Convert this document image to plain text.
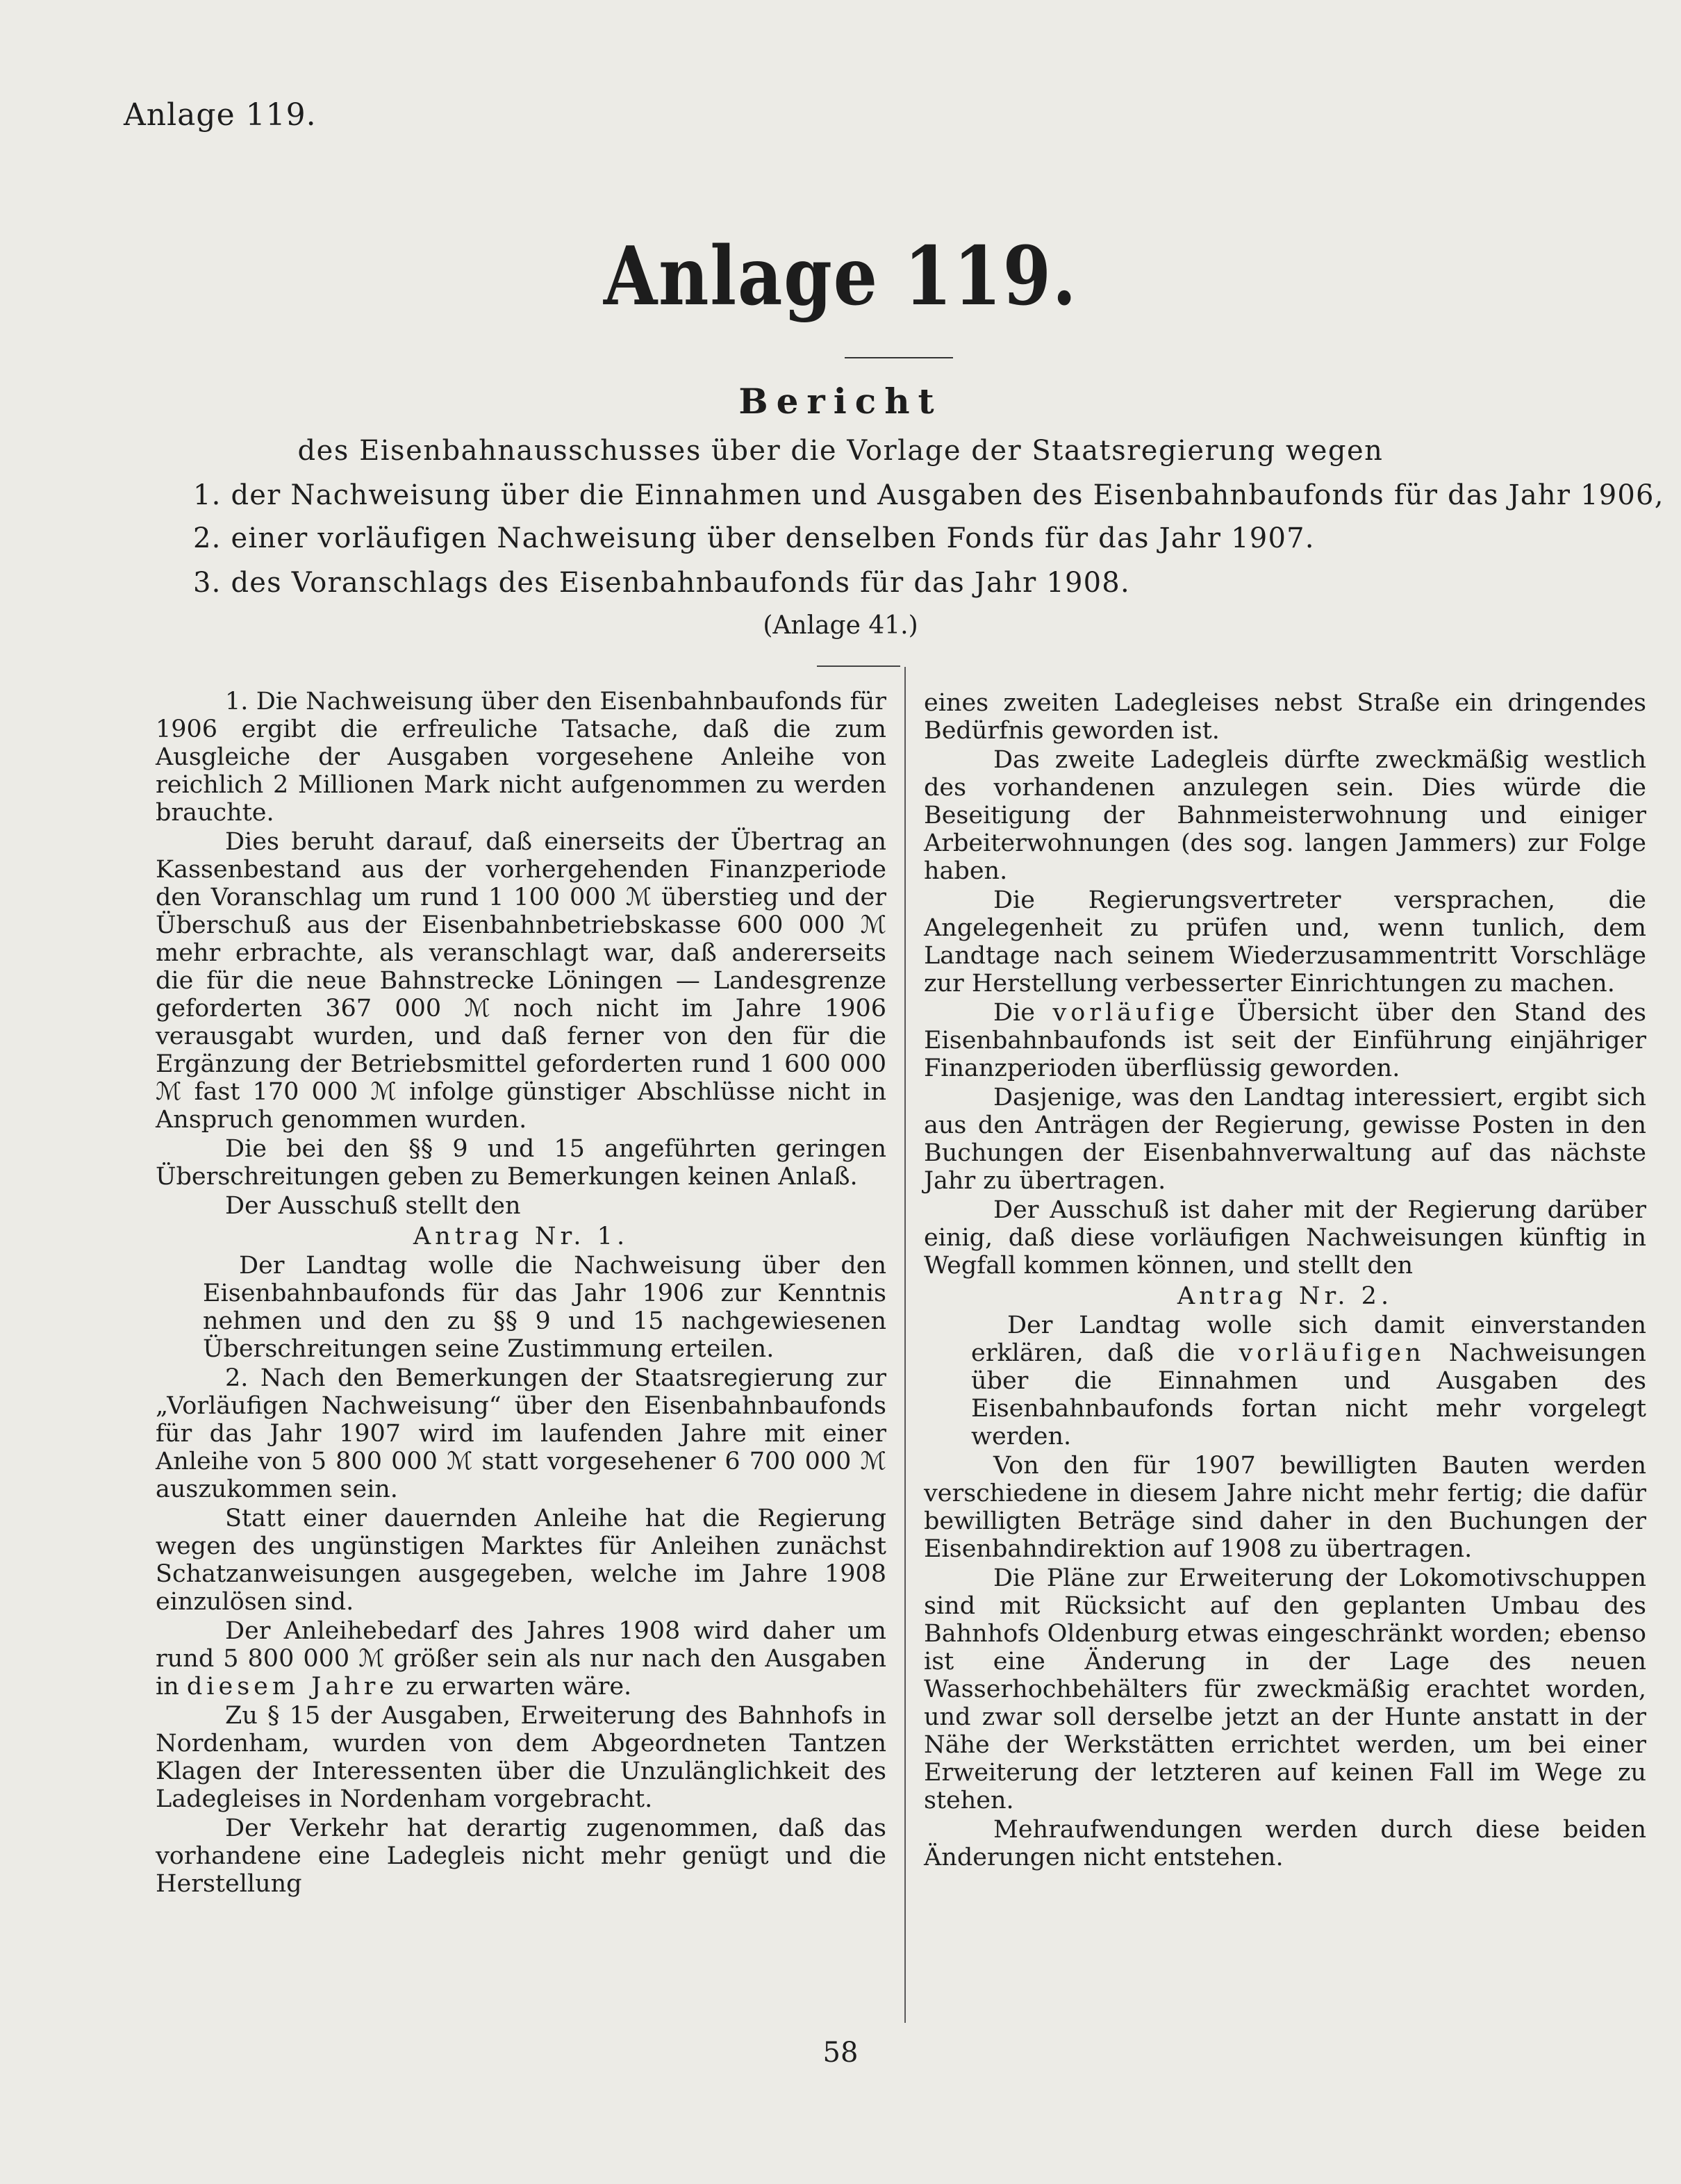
Anlage 119.
Anlage 119.
Bericht
des Eisenbahnausschusses über die Vorlage der Staatsregierung wegen
1. der Nachweisung über die Einnahmen und Ausgaben des Eisenbahnbaufonds für das Jahr 1906,
2. einer vorläufigen Nachweisung über denselben Fonds für das Jahr 1907.
3. des Voranschlags des Eisenbahnbaufonds für das Jahr 1908.
(Anlage 41.)

1. Die Nachweisung über den Eisenbahnbaufonds für 1906 ergibt die erfreuliche Tatsache, daß die zum Ausgleiche der Ausgaben vorgesehene Anleihe von reichlich 2 Millionen Mark nicht aufgenommen zu werden brauchte.

Dies beruht darauf, daß einerseits der Übertrag an Kassenbestand aus der vorhergehenden Finanzperiode den Voranschlag um rund 1 100 000 ℳ überstieg und der Überschuß aus der Eisenbahnbetriebskasse 600 000 ℳ mehr erbrachte, als veranschlagt war, daß andererseits die für die neue Bahnstrecke Löningen — Landesgrenze geforderten 367 000 ℳ noch nicht im Jahre 1906 verausgabt wurden, und daß ferner von den für die Ergänzung der Betriebsmittel geforderten rund 1 600 000 ℳ fast 170 000 ℳ infolge günstiger Abschlüsse nicht in Anspruch genommen wurden.

Die bei den §§ 9 und 15 angeführten geringen Überschreitungen geben zu Bemerkungen keinen Anlaß.

Der Ausschuß stellt den

Antrag Nr. 1.

Der Landtag wolle die Nachweisung über den Eisenbahnbaufonds für das Jahr 1906 zur Kenntnis nehmen und den zu §§ 9 und 15 nachgewiesenen Überschreitungen seine Zustimmung erteilen.

2. Nach den Bemerkungen der Staatsregierung zur „Vorläufigen Nachweisung“ über den Eisenbahnbaufonds für das Jahr 1907 wird im laufenden Jahre mit einer Anleihe von 5 800 000 ℳ statt vorgesehener 6 700 000 ℳ auszukommen sein.

Statt einer dauernden Anleihe hat die Regierung wegen des ungünstigen Marktes für Anleihen zunächst Schatzanweisungen ausgegeben, welche im Jahre 1908 einzulösen sind.

Der Anleihebedarf des Jahres 1908 wird daher um rund 5 800 000 ℳ größer sein als nur nach den Ausgaben in diesem Jahre zu erwarten wäre.

Zu § 15 der Ausgaben, Erweiterung des Bahnhofs in Nordenham, wurden von dem Abgeordneten Tantzen Klagen der Interessenten über die Unzulänglichkeit des Ladegleises in Nordenham vorgebracht.

Der Verkehr hat derartig zugenommen, daß das vorhandene eine Ladegleis nicht mehr genügt und die Herstellung

eines zweiten Ladegleises nebst Straße ein dringendes Bedürfnis geworden ist.

Das zweite Ladegleis dürfte zweckmäßig westlich des vorhandenen anzulegen sein. Dies würde die Beseitigung der Bahnmeisterwohnung und einiger Arbeiterwohnungen (des sog. langen Jammers) zur Folge haben.

Die Regierungsvertreter versprachen, die Angelegenheit zu prüfen und, wenn tunlich, dem Landtage nach seinem Wiederzusammentritt Vorschläge zur Herstellung verbesserter Einrichtungen zu machen.

Die vorläufige Übersicht über den Stand des Eisenbahnbaufonds ist seit der Einführung einjähriger Finanzperioden überflüssig geworden.

Dasjenige, was den Landtag interessiert, ergibt sich aus den Anträgen der Regierung, gewisse Posten in den Buchungen der Eisenbahnverwaltung auf das nächste Jahr zu übertragen.

Der Ausschuß ist daher mit der Regierung darüber einig, daß diese vorläufigen Nachweisungen künftig in Wegfall kommen können, und stellt den

Antrag Nr. 2.

Der Landtag wolle sich damit einverstanden erklären, daß die vorläufigen Nachweisungen über die Einnahmen und Ausgaben des Eisenbahnbaufonds fortan nicht mehr vorgelegt werden.

Von den für 1907 bewilligten Bauten werden verschiedene in diesem Jahre nicht mehr fertig; die dafür bewilligten Beträge sind daher in den Buchungen der Eisenbahndirektion auf 1908 zu übertragen.

Die Pläne zur Erweiterung der Lokomotivschuppen sind mit Rücksicht auf den geplanten Umbau des Bahnhofs Oldenburg etwas eingeschränkt worden; ebenso ist eine Änderung in der Lage des neuen Wasserhochbehälters für zweckmäßig erachtet worden, und zwar soll derselbe jetzt an der Hunte anstatt in der Nähe der Werkstätten errichtet werden, um bei einer Erweiterung der letzteren auf keinen Fall im Wege zu stehen.

Mehraufwendungen werden durch diese beiden Änderungen nicht entstehen.

58
